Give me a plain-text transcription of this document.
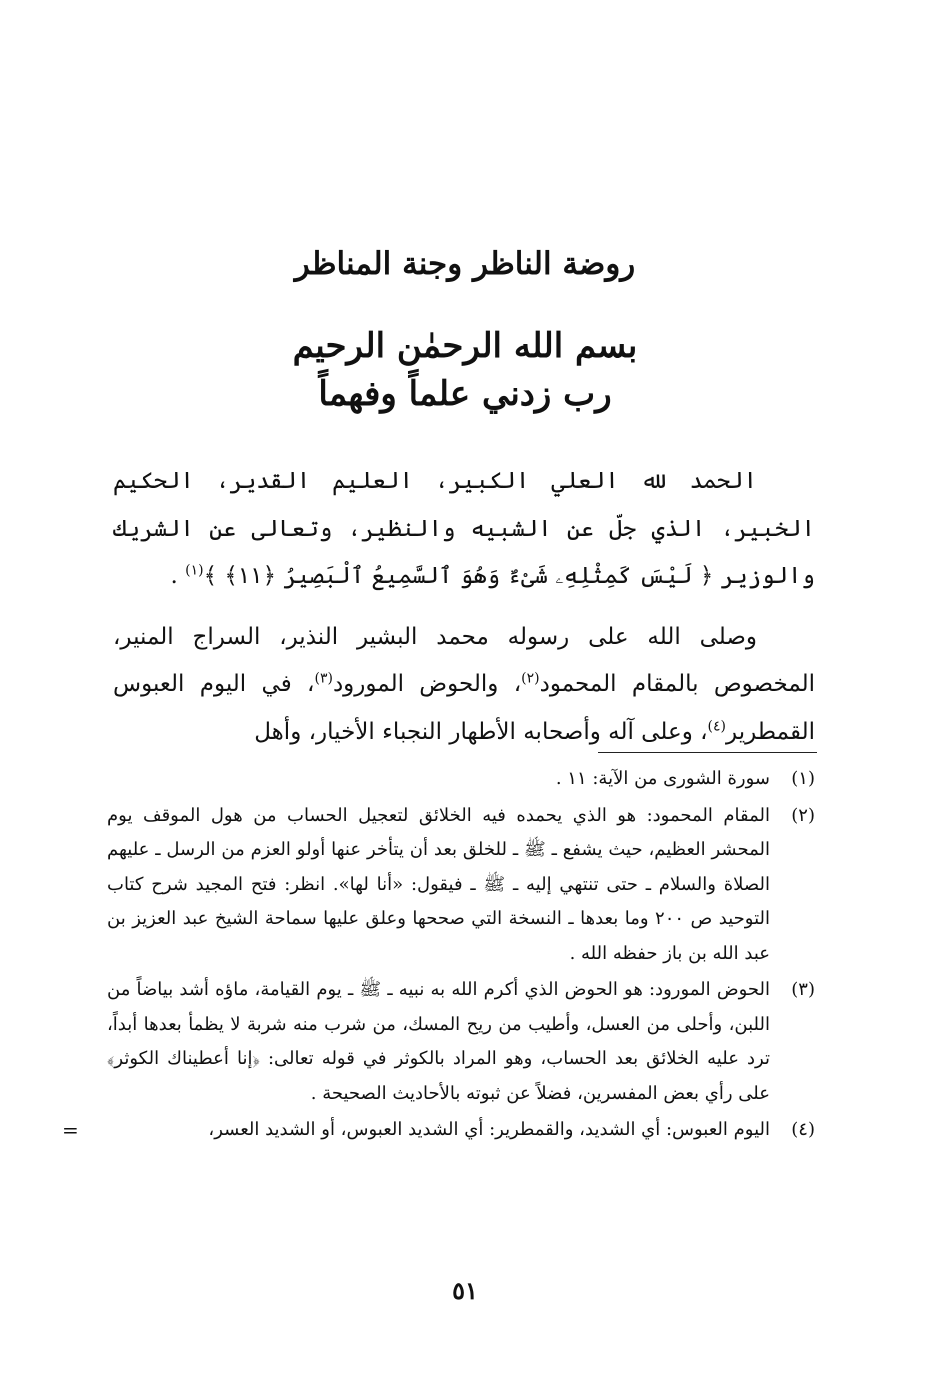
روضة الناظر وجنة المناظر
بسم الله الرحمٰن الرحيم
رب زدني علماً وفهماً

الحمد لله العلي الكبير، العليم القدير، الحكيم الخبير، الذي جلّ عن الشبيه والنظير، وتعالى عن الشريك والوزير ﴿ لَيْسَ كَمِثْلِهِۦ شَىْءٌ وَهُوَ ٱلسَّمِيعُ ٱلْبَصِيرُ ﴿١١﴾ ﴾$^{(١)}$ .

وصلى الله على رسوله محمد البشير النذير، السراج المنير، المخصوص بالمقام المحمود$^{(٢)}$، والحوض المورود$^{(٣)}$، في اليوم العبوس القمطرير$^{(٤)}$، وعلى آله وأصحابه الأطهار النجباء الأخيار، وأهل

(١)
سورة الشورى من الآية: ١١ .
(٢)
المقام المحمود: هو الذي يحمده فيه الخلائق لتعجيل الحساب من هول الموقف يوم المحشر العظيم، حيث يشفع ـ ﷺ ـ للخلق بعد أن يتأخر عنها أولو العزم من الرسل ـ عليهم الصلاة والسلام ـ حتى تنتهي إليه ـ ﷺ ـ فيقول: «أنا لها». انظر: فتح المجيد شرح كتاب التوحيد ص ٢٠٠ وما بعدها ـ النسخة التي صححها وعلق عليها سماحة الشيخ عبد العزيز بن عبد الله بن باز حفظه الله .
(٣)
الحوض المورود: هو الحوض الذي أكرم الله به نبيه ـ ﷺ ـ يوم القيامة، ماؤه أشد بياضاً من اللبن، وأحلى من العسل، وأطيب من ريح المسك، من شرب منه شربة لا يظمأ بعدها أبداً، ترد عليه الخلائق بعد الحساب، وهو المراد بالكوثر في قوله تعالى: ﴿إنا أعطيناك الكوثر﴾ على رأي بعض المفسرين، فضلاً عن ثبوته بالأحاديث الصحيحة .
(٤)
اليوم العبوس: أي الشديد، والقمطرير: أي الشديد العبوس، أو الشديد العسر،
=
٥١
